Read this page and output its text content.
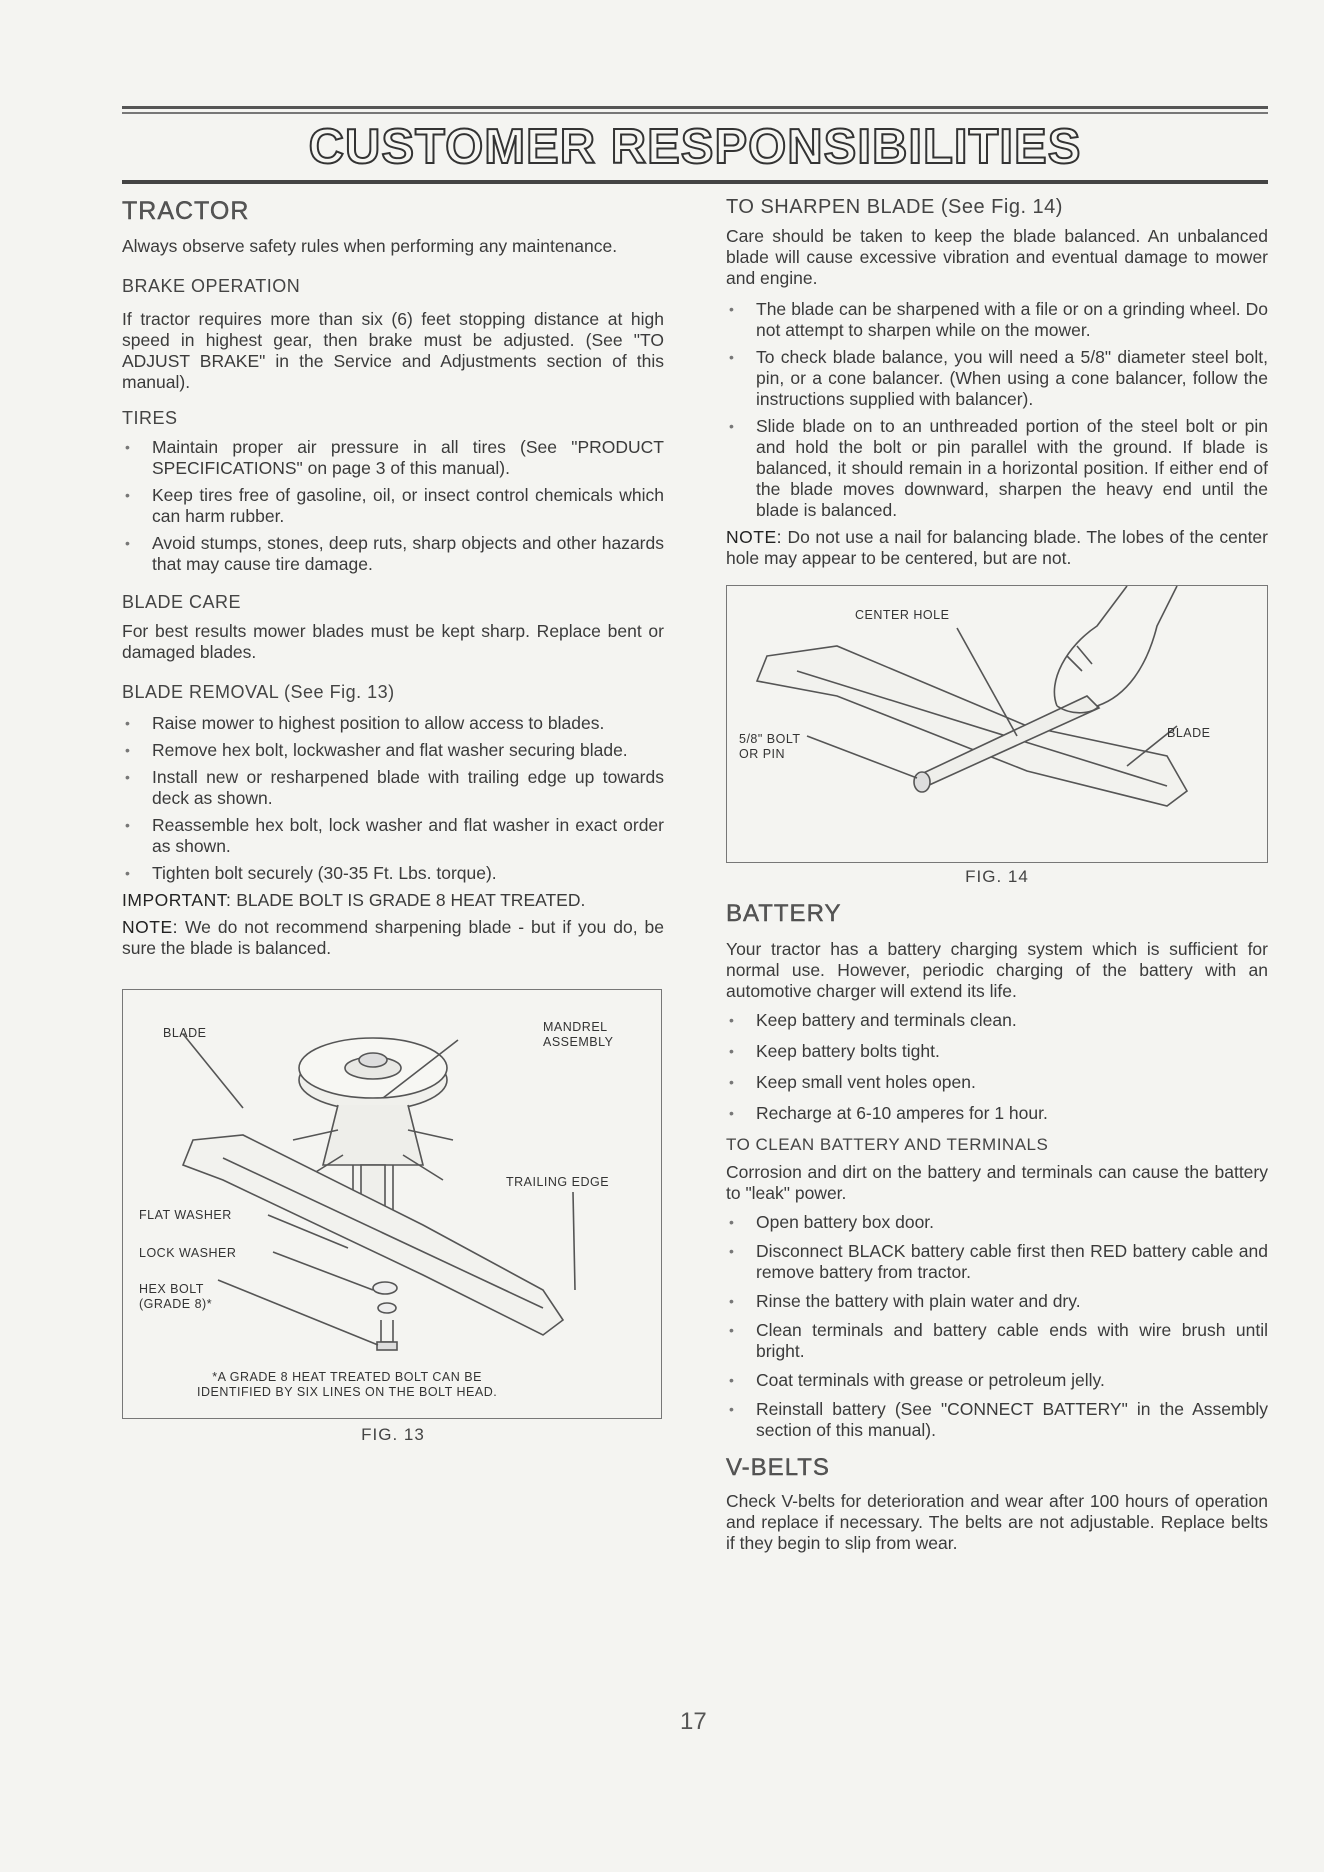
CUSTOMER RESPONSIBILITIES
TRACTOR

Always observe safety rules when performing any maintenance.

BRAKE OPERATION

If tractor requires more than six (6) feet stopping distance at high speed in highest gear, then brake must be adjusted. (See "TO ADJUST BRAKE" in the Service and Adjustments section of this manual).

TIRES
• Maintain proper air pressure in all tires (See "PRODUCT SPECIFICATIONS" on page 3 of this manual).
• Keep tires free of gasoline, oil, or insect control chemicals which can harm rubber.
• Avoid stumps, stones, deep ruts, sharp objects and other hazards that may cause tire damage.
BLADE CARE

For best results mower blades must be kept sharp. Replace bent or damaged blades.

BLADE REMOVAL (See Fig. 13)
• Raise mower to highest position to allow access to blades.
• Remove hex bolt, lockwasher and flat washer securing blade.
• Install new or resharpened blade with trailing edge up towards deck as shown.
• Reassemble hex bolt, lock washer and flat washer in exact order as shown.
• Tighten bolt securely (30-35 Ft. Lbs. torque).

IMPORTANT: BLADE BOLT IS GRADE 8 HEAT TREATED.

NOTE: We do not recommend sharpening blade - but if you do, be sure the blade is balanced.

BLADE	MANDREL
ASSEMBLY
TRAILING EDGE
FLAT WASHER
LOCK WASHER
HEX BOLT
(GRADE 8)*
*A GRADE 8 HEAT TREATED BOLT CAN BE
IDENTIFIED BY SIX LINES ON THE BOLT HEAD.
FIG. 13
TO SHARPEN BLADE (See Fig. 14)

Care should be taken to keep the blade balanced. An unbalanced blade will cause excessive vibration and eventual damage to mower and engine.

• The blade can be sharpened with a file or on a grinding wheel. Do not attempt to sharpen while on the mower.
• To check blade balance, you will need a 5/8" diameter steel bolt, pin, or a cone balancer. (When using a cone balancer, follow the instructions supplied with balancer).
• Slide blade on to an unthreaded portion of the steel bolt or pin and hold the bolt or pin parallel with the ground. If blade is balanced, it should remain in a horizontal position. If either end of the blade moves downward, sharpen the heavy end until the blade is balanced.

NOTE: Do not use a nail for balancing blade. The lobes of the center hole may appear to be centered, but are not.

CENTER HOLE
5/8" BOLT
OR PIN
BLADE
FIG. 14
BATTERY

Your tractor has a battery charging system which is sufficient for normal use. However, periodic charging of the battery with an automotive charger will extend its life.

• Keep battery and terminals clean.
• Keep battery bolts tight.
• Keep small vent holes open.
• Recharge at 6-10 amperes for 1 hour.
TO CLEAN BATTERY AND TERMINALS

Corrosion and dirt on the battery and terminals can cause the battery to "leak" power.

• Open battery box door.
• Disconnect BLACK battery cable first then RED battery cable and remove battery from tractor.
• Rinse the battery with plain water and dry.
• Clean terminals and battery cable ends with wire brush until bright.
• Coat terminals with grease or petroleum jelly.
• Reinstall battery (See "CONNECT BATTERY" in the Assembly section of this manual).
V-BELTS

Check V-belts for deterioration and wear after 100 hours of operation and replace if necessary. The belts are not adjustable. Replace belts if they begin to slip from wear.

17
